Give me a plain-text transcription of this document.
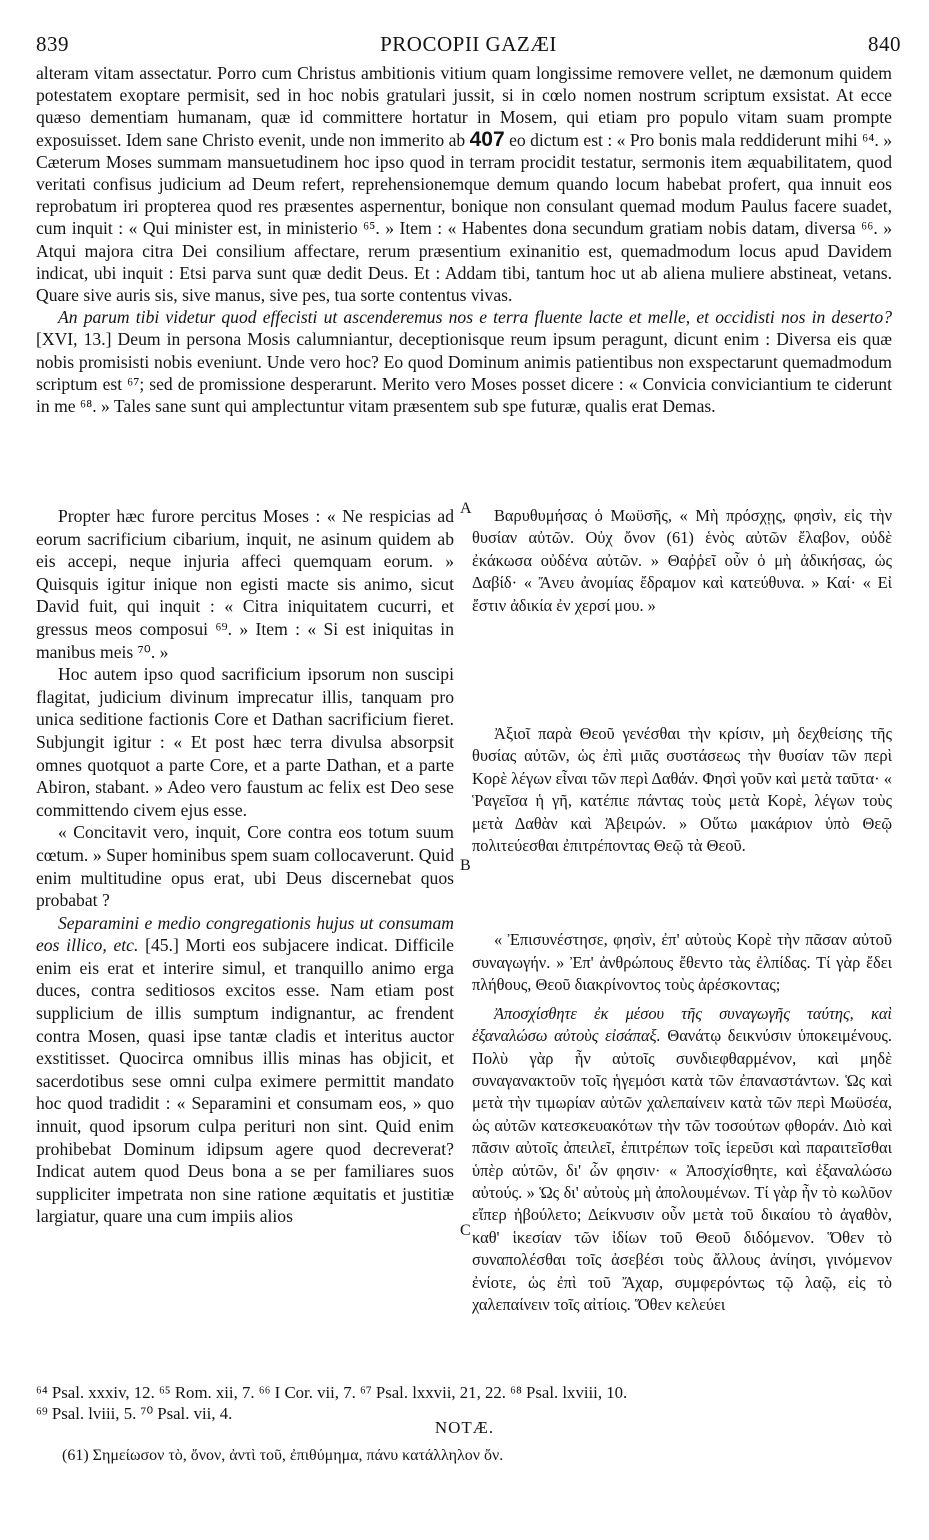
839	PROCOPII GAZÆI	840

alteram vitam assectatur. Porro cum Christus ambitionis vitium quam longissime removere vellet, ne dæmonum quidem potestatem exoptare permisit, sed in hoc nobis gratulari jussit, si in cœlo nomen nostrum scriptum exsistat. At ecce quæso dementiam humanam, quæ id committere hortatur in Mosem, qui etiam pro populo vitam suam prompte exposuisset. Idem sane Christo evenit, unde non immerito ab 407 eo dictum est : « Pro bonis mala reddiderunt mihi ⁶⁴. » Cæterum Moses summam mansuetudinem hoc ipso quod in terram procidit testatur, sermonis item æquabilitatem, quod veritati confisus judicium ad Deum refert, reprehensionemque demum quando locum habebat profert, qua innuit eos reprobatum iri propterea quod res præsentes aspernentur, bonique non consulant quemad modum Paulus facere suadet, cum inquit : « Qui minister est, in ministerio ⁶⁵. » Item : « Habentes dona secundum gratiam nobis datam, diversa ⁶⁶. » Atqui majora citra Dei consilium affectare, rerum præsentium exinanitio est, quemadmodum locus apud Davidem indicat, ubi inquit : Etsi parva sunt quæ dedit Deus. Et : Addam tibi, tantum hoc ut ab aliena muliere abstineat, vetans. Quare sive auris sis, sive manus, sive pes, tua sorte contentus vivas.

An parum tibi videtur quod effecisti ut ascenderemus nos e terra fluente lacte et melle, et occidisti nos in deserto? [XVI, 13.] Deum in persona Mosis calumniantur, deceptionisque reum ipsum peragunt, dicunt enim : Diversa eis quæ nobis promisisti nobis eveniunt. Unde vero hoc? Eo quod Dominum animis patientibus non exspectarunt quemadmodum scriptum est ⁶⁷; sed de promissione desperarunt. Merito vero Moses posset dicere : « Convicia conviciantium te ciderunt in me ⁶⁸. » Tales sane sunt qui amplectuntur vitam præsentem sub spe futuræ, qualis erat Demas.

A
B
C

Propter hæc furore percitus Moses : « Ne respicias ad eorum sacrificium cibarium, inquit, ne asinum quidem ab eis accepi, neque injuria affeci quemquam eorum. » Quisquis igitur inique non egisti macte sis animo, sicut David fuit, qui inquit : « Citra iniquitatem cucurri, et gressus meos composui ⁶⁹. » Item : « Si est iniquitas in manibus meis ⁷⁰. »

Hoc autem ipso quod sacrificium ipsorum non suscipi flagitat, judicium divinum imprecatur illis, tanquam pro unica seditione factionis Core et Dathan sacrificium fieret. Subjungit igitur : « Et post hæc terra divulsa absorpsit omnes quotquot a parte Core, et a parte Dathan, et a parte Abiron, stabant. » Adeo vero faustum ac felix est Deo sese committendo civem ejus esse.

« Concitavit vero, inquit, Core contra eos totum suum cœtum. » Super hominibus spem suam collocaverunt. Quid enim multitudine opus erat, ubi Deus discernebat quos probabat ?

Separamini e medio congregationis hujus ut consumam eos illico, etc. [45.] Morti eos subjacere indicat. Difficile enim eis erat et interire simul, et tranquillo animo erga duces, contra seditiosos excitos esse. Nam etiam post supplicium de illis sumptum indignantur, ac frendent contra Mosen, quasi ipse tantæ cladis et interitus auctor exstitisset. Quocirca omnibus illis minas has objicit, et sacerdotibus sese omni culpa eximere permittit mandato hoc quod tradidit : « Separamini et consumam eos, » quo innuit, quod ipsorum culpa perituri non sint. Quid enim prohibebat Dominum idipsum agere quod decreverat? Indicat autem quod Deus bona a se per familiares suos suppliciter impetrata non sine ratione æquitatis et justitiæ largiatur, quare una cum impiis alios

Βαρυθυμήσας ὁ Μωϋσῆς, « Μὴ πρόσχῃς, φησὶν, εἰς τὴν θυσίαν αὐτῶν. Οὐχ ὄνον (61) ἑνὸς αὐτῶν ἔλαβον, οὐδὲ ἐκάκωσα οὐδένα αὐτῶν. » Θαῤῥεῖ οὖν ὁ μὴ ἀδικήσας, ὡς Δαβίδ· « Ἄνευ ἀνομίας ἔδραμον καὶ κατεύθυνα. » Καί· « Εἰ ἔστιν ἀδικία ἐν χερσί μου. »

Ἀξιοῖ παρὰ Θεοῦ γενέσθαι τὴν κρίσιν, μὴ δεχθείσης τῆς θυσίας αὐτῶν, ὡς ἐπὶ μιᾶς συστάσεως τὴν θυσίαν τῶν περὶ Κορὲ λέγων εἶναι τῶν περὶ Δαθάν. Φησὶ γοῦν καὶ μετὰ ταῦτα· « Ῥαγεῖσα ἡ γῆ, κατέπιε πάντας τοὺς μετὰ Κορὲ, λέγων τοὺς μετὰ Δαθὰν καὶ Ἀβειρών. » Οὕτω μακάριον ὑπὸ Θεῷ πολιτεύεσθαι ἐπιτρέποντας Θεῷ τὰ Θεοῦ.

« Ἐπισυνέστησε, φησὶν, ἐπ' αὐτοὺς Κορὲ τὴν πᾶσαν αὐτοῦ συναγωγήν. » Ἐπ' ἀνθρώπους ἔθεντο τὰς ἐλπίδας. Τί γὰρ ἔδει πλήθους, Θεοῦ διακρίνοντος τοὺς ἀρέσκοντας;

Ἀποσχίσθητε ἐκ μέσου τῆς συναγωγῆς ταύτης, καὶ ἐξαναλώσω αὐτοὺς εἰσάπαξ. Θανάτῳ δεικνύσιν ὑποκειμένους. Πολὺ γὰρ ἦν αὐτοῖς συνδιεφθαρμένον, καὶ μηδὲ συναγανακτοῦν τοῖς ἡγεμόσι κατὰ τῶν ἐπαναστάντων. Ὡς καὶ μετὰ τὴν τιμωρίαν αὐτῶν χαλεπαίνειν κατὰ τῶν περὶ Μωϋσέα, ὡς αὐτῶν κατεσκευακότων τὴν τῶν τοσούτων φθοράν. Διὸ καὶ πᾶσιν αὐτοῖς ἀπειλεῖ, ἐπιτρέπων τοῖς ἱερεῦσι καὶ παραιτεῖσθαι ὑπὲρ αὐτῶν, δι' ὧν φησιν· « Ἀποσχίσθητε, καὶ ἐξαναλώσω αὐτούς. » Ὡς δι' αὐτοὺς μὴ ἀπολουμένων. Τί γὰρ ἦν τὸ κωλῦον εἴπερ ἠβούλετο; Δείκνυσιν οὖν μετὰ τοῦ δικαίου τὸ ἀγαθὸν, καθ' ἱκεσίαν τῶν ἰδίων τοῦ Θεοῦ διδόμενον. Ὅθεν τὸ συναπολέσθαι τοῖς ἀσεβέσι τοὺς ἄλλους ἀνίησι, γινόμενον ἐνίοτε, ὡς ἐπὶ τοῦ Ἄχαρ, συμφερόντως τῷ λαῷ, εἰς τὸ χαλεπαίνειν τοῖς αἰτίοις. Ὅθεν κελεύει

⁶⁴ Psal. xxxiv, 12. ⁶⁵ Rom. xii, 7. ⁶⁶ I Cor. vii, 7. ⁶⁷ Psal. lxxvii, 21, 22. ⁶⁸ Psal. lxviii, 10.
⁶⁹ Psal. lviii, 5. ⁷⁰ Psal. vii, 4.
NOTÆ.
(61) Σημείωσον τὸ, ὄνον, ἀντὶ τοῦ, ἐπιθύμημα, πάνυ κατάλληλον ὄν.
